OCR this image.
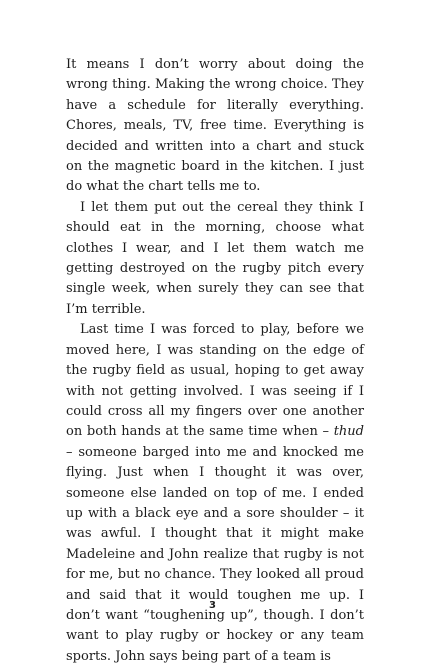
It means I don’t worry about doing the wrong thing. Making the wrong choice. They have a schedule for literally everything. Chores, meals, TV, free time. Everything is decided and written into a chart and stuck on the magnetic board in the kitchen. I just do what the chart tells me to.

I let them put out the cereal they think I should eat in the morning, choose what clothes I wear, and I let them watch me getting destroyed on the rugby pitch every single week, when surely they can see that I’m terrible.

Last time I was forced to play, before we moved here, I was standing on the edge of the rugby field as usual, hoping to get away with not getting involved. I was seeing if I could cross all my fingers over one another on both hands at the same time when – thud – someone barged into me and knocked me flying. Just when I thought it was over, someone else landed on top of me. I ended up with a black eye and a sore shoulder – it was awful. I thought that it might make Madeleine and John realize that rugby is not for me, but no chance. They looked all proud and said that it would toughen me up. I don’t want “toughening up”, though. I don’t want to play rugby or hockey or any team sports. John says being part of a team is

3
